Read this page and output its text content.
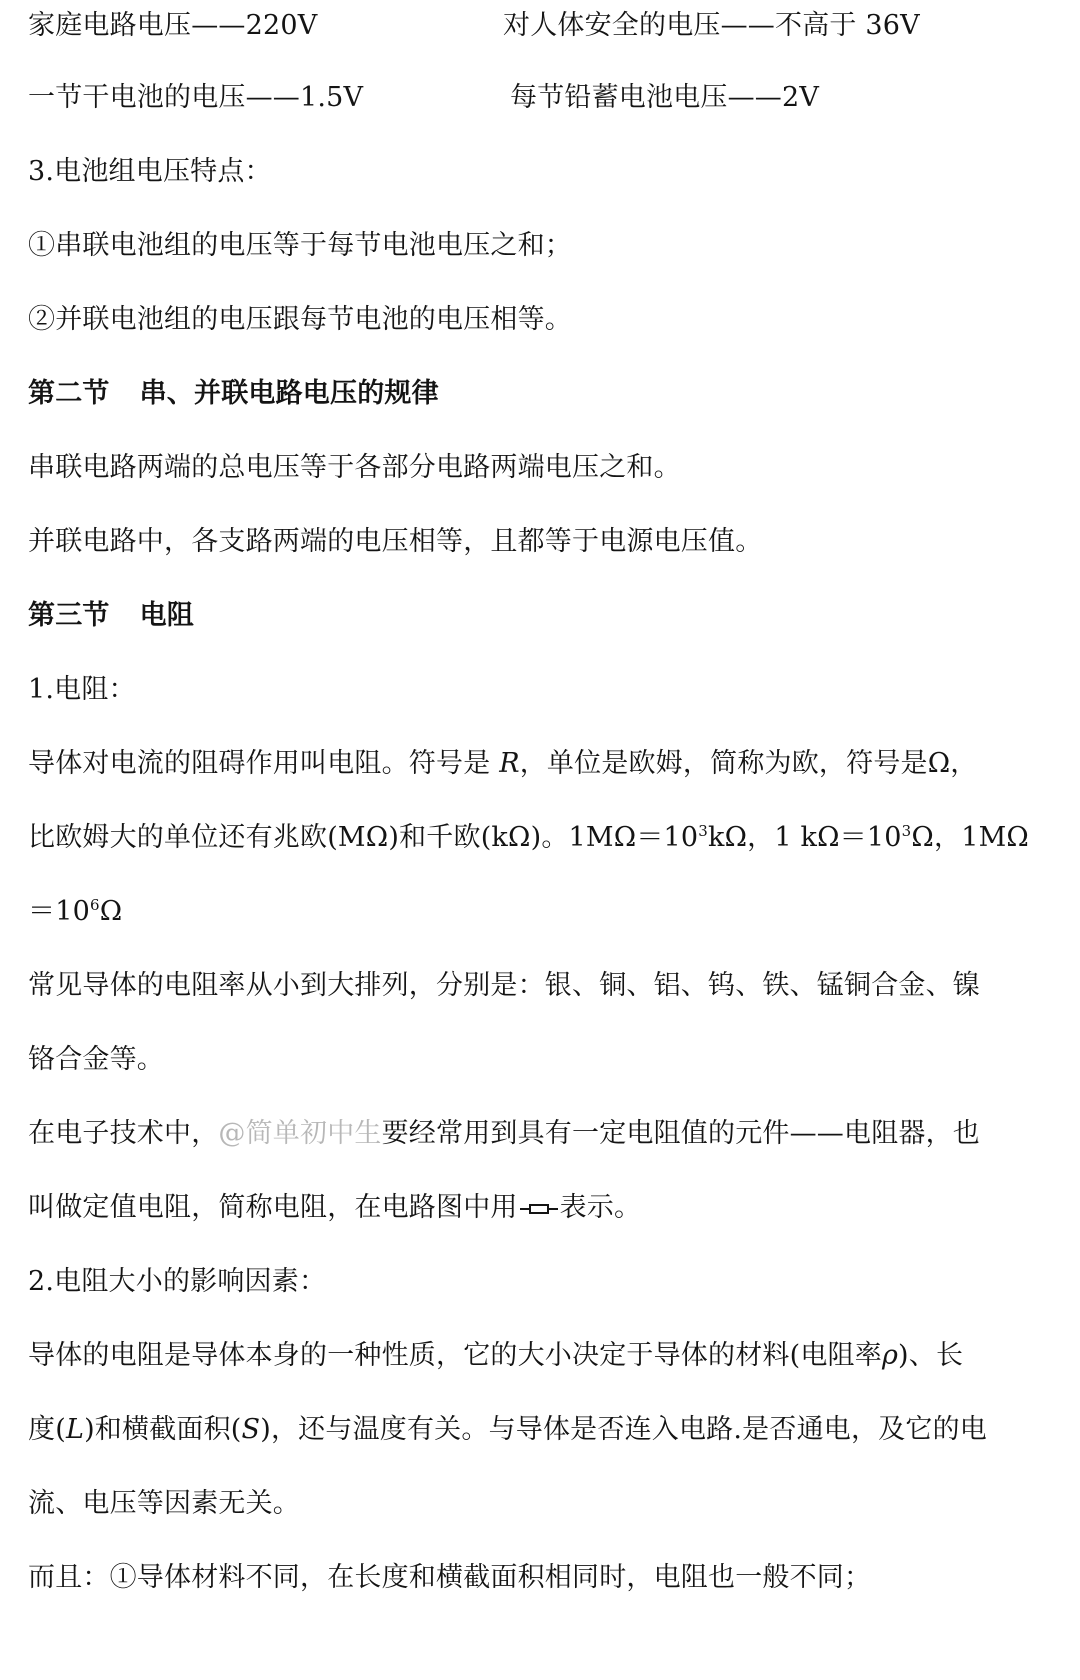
家庭电路电压——220V	对人体安全的电压——不高于 36V
一节干电池的电压——1.5V	每节铅蓄电池电压——2V
3.电池组电压特点：
①串联电池组的电压等于每节电池电压之和；
②并联电池组的电压跟每节电池的电压相等。
第二节 串、并联电路电压的规律
串联电路两端的总电压等于各部分电路两端电压之和。
并联电路中，各支路两端的电压相等，且都等于电源电压值。
第三节 电阻
1.电阻：
导体对电流的阻碍作用叫电阻。符号是 R，单位是欧姆，简称为欧，符号是Ω，
比欧姆大的单位还有兆欧(MΩ)和千欧(kΩ)。$1M\Omega=10^3k\Omega$，1 $k\Omega=10^3\Omega$，1MΩ
$=10^6\Omega$
常见导体的电阻率从小到大排列，分别是：银、铜、铝、钨、铁、锰铜合金、镍
铬合金等。
在电子技术中，@简单初中生要经常用到具有一定电阻值的元件——电阻器，也
叫做定值电阻，简称电阻，在电路图中用 表示。
2.电阻大小的影响因素：
导体的电阻是导体本身的一种性质，它的大小决定于导体的材料(电阻率ρ)、长
度(L)和横截面积(S)，还与温度有关。与导体是否连入电路.是否通电，及它的电
流、电压等因素无关。
而且：①导体材料不同，在长度和横截面积相同时，电阻也一般不同；
